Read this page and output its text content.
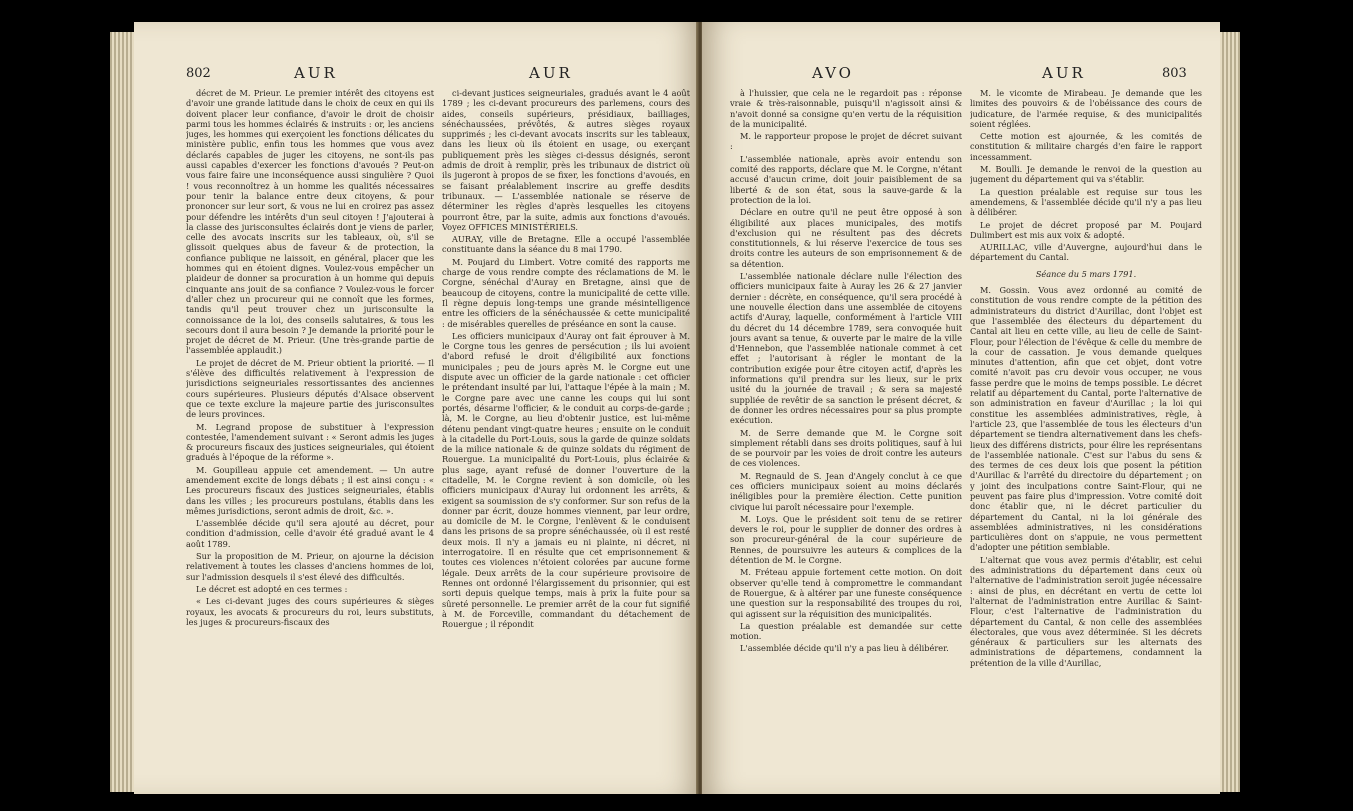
802	AUR	AUR

décret de M. Prieur. Le premier intérêt des citoyens est d'avoir une grande latitude dans le choix de ceux en qui ils doivent placer leur confiance, d'avoir le droit de choisir parmi tous les hommes éclairés & instruits : or, les anciens juges, les hommes qui exerçoient les fonctions délicates du ministère public, enfin tous les hommes que vous avez déclarés capables de juger les citoyens, ne sont-ils pas aussi capables d'exercer les fonctions d'avoués ? Peut-on vous faire faire une inconséquence aussi singulière ? Quoi ! vous reconnoîtrez à un homme les qualités nécessaires pour tenir la balance entre deux citoyens, & pour prononcer sur leur sort, & vous ne lui en croirez pas assez pour défendre les intérêts d'un seul citoyen ! J'ajouterai à la classe des jurisconsultes éclairés dont je viens de parler, celle des avocats inscrits sur les tableaux, où, s'il se glissoit quelques abus de faveur & de protection, la confiance publique ne laissoit, en général, placer que les hommes qui en étoient dignes. Voulez-vous empêcher un plaideur de donner sa procuration à un homme qui depuis cinquante ans jouit de sa confiance ? Voulez-vous le forcer d'aller chez un procureur qui ne connoît que les formes, tandis qu'il peut trouver chez un jurisconsulte la connoissance de la loi, des conseils salutaires, & tous les secours dont il aura besoin ? Je demande la priorité pour le projet de décret de M. Prieur. (Une très-grande partie de l'assemblée applaudit.)

Le projet de décret de M. Prieur obtient la priorité. — Il s'élève des difficultés relativement à l'expression de jurisdictions seigneuriales ressortissantes des anciennes cours supérieures. Plusieurs députés d'Alsace observent que ce texte exclure la majeure partie des jurisconsultes de leurs provinces.

M. Legrand propose de substituer à l'expression contestée, l'amendement suivant : « Seront admis les juges & procureurs fiscaux des justices seigneuriales, qui étoient gradués à l'époque de la réforme ».

M. Goupilleau appuie cet amendement. — Un autre amendement excite de longs débats ; il est ainsi conçu : « Les procureurs fiscaux des justices seigneuriales, établis dans les villes ; les procureurs postulans, établis dans les mêmes jurisdictions, seront admis de droit, &c. ».

L'assemblée décide qu'il sera ajouté au décret, pour condition d'admission, celle d'avoir été gradué avant le 4 août 1789.

Sur la proposition de M. Prieur, on ajourne la décision relativement à toutes les classes d'anciens hommes de loi, sur l'admission desquels il s'est élevé des difficultés.

Le décret est adopté en ces termes :

« Les ci-devant juges des cours supérieures & sièges royaux, les avocats & procureurs du roi, leurs substituts, les juges & procureurs-fiscaux des

ci-devant justices seigneuriales, gradués avant le 4 août 1789 ; les ci-devant procureurs des parlemens, cours des aides, conseils supérieurs, présidiaux, bailliages, sénéchaussées, prévôtés, & autres sièges royaux supprimés ; les ci-devant avocats inscrits sur les tableaux, dans les lieux où ils étoient en usage, ou exerçant publiquement près les sièges ci-dessus désignés, seront admis de droit à remplir, près les tribunaux de district où ils jugeront à propos de se fixer, les fonctions d'avoués, en se faisant préalablement inscrire au greffe desdits tribunaux. — L'assemblée nationale se réserve de déterminer les règles d'après lesquelles les citoyens pourront être, par la suite, admis aux fonctions d'avoués. Voyez OFFICES MINISTÉRIELS.

AURAY, ville de Bretagne. Elle a occupé l'assemblée constituante dans la séance du 8 mai 1790.

M. Poujard du Limbert. Votre comité des rapports me charge de vous rendre compte des réclamations de M. le Corgne, sénéchal d'Auray en Bretagne, ainsi que de beaucoup de citoyens, contre la municipalité de cette ville. Il règne depuis long-temps une grande mésintelligence entre les officiers de la sénéchaussée & cette municipalité : de misérables querelles de préséance en sont la cause.

Les officiers municipaux d'Auray ont fait éprouver à M. le Corgne tous les genres de persécution ; ils lui avoient d'abord refusé le droit d'éligibilité aux fonctions municipales ; peu de jours après M. le Corgne eut une dispute avec un officier de la garde nationale : cet officier le prétendant insulté par lui, l'attaque l'épée à la main ; M. le Corgne pare avec une canne les coups qui lui sont portés, désarme l'officier, & le conduit au corps-de-garde ; là, M. le Corgne, au lieu d'obtenir justice, est lui-même détenu pendant vingt-quatre heures ; ensuite on le conduit à la citadelle du Port-Louis, sous la garde de quinze soldats de la milice nationale & de quinze soldats du régiment de Rouergue. La municipalité du Port-Louis, plus éclairée & plus sage, ayant refusé de donner l'ouverture de la citadelle, M. le Corgne revient à son domicile, où les officiers municipaux d'Auray lui ordonnent les arrêts, & exigent sa soumission de s'y conformer. Sur son refus de la donner par écrit, douze hommes viennent, par leur ordre, au domicile de M. le Corgne, l'enlèvent & le conduisent dans les prisons de sa propre sénéchaussée, où il est resté deux mois. Il n'y a jamais eu ni plainte, ni décret, ni interrogatoire. Il en résulte que cet emprisonnement & toutes ces violences n'étoient colorées par aucune forme légale. Deux arrêts de la cour supérieure provisoire de Rennes ont ordonné l'élargissement du prisonnier, qui est sorti depuis quelque temps, mais à prix la fuite pour sa sûreté personnelle. Le premier arrêt de la cour fut signifié à M. de Forceville, commandant du détachement de Rouergue ; il répondit

AVO	AUR	803

à l'huissier, que cela ne le regardoit pas : réponse vraie & très-raisonnable, puisqu'il n'agissoit ainsi & n'avoit donné sa consigne qu'en vertu de la réquisition de la municipalité.

M. le rapporteur propose le projet de décret suivant :

L'assemblée nationale, après avoir entendu son comité des rapports, déclare que M. le Corgne, n'étant accusé d'aucun crime, doit jouir paisiblement de sa liberté & de son état, sous la sauve-garde & la protection de la loi.

Déclare en outre qu'il ne peut être opposé à son éligibilité aux places municipales, des motifs d'exclusion qui ne résultent pas des décrets constitutionnels, & lui réserve l'exercice de tous ses droits contre les auteurs de son emprisonnement & de sa détention.

L'assemblée nationale déclare nulle l'élection des officiers municipaux faite à Auray les 26 & 27 janvier dernier : décrète, en conséquence, qu'il sera procédé à une nouvelle élection dans une assemblée de citoyens actifs d'Auray, laquelle, conformément à l'article VIII du décret du 14 décembre 1789, sera convoquée huit jours avant sa tenue, & ouverte par le maire de la ville d'Hennebon, que l'assemblée nationale commet à cet effet ; l'autorisant à régler le montant de la contribution exigée pour être citoyen actif, d'après les informations qu'il prendra sur les lieux, sur le prix usité du la journée de travail ; & sera sa majesté suppliée de revêtir de sa sanction le présent décret, & de donner les ordres nécessaires pour sa plus prompte exécution.

M. de Serre demande que M. le Corgne soit simplement rétabli dans ses droits politiques, sauf à lui de se pourvoir par les voies de droit contre les auteurs de ces violences.

M. Regnauld de S. Jean d'Angely conclut à ce que ces officiers municipaux soient au moins déclarés inéligibles pour la première élection. Cette punition civique lui paroît nécessaire pour l'exemple.

M. Loys. Que le président soit tenu de se retirer devers le roi, pour le supplier de donner des ordres à son procureur-général de la cour supérieure de Rennes, de poursuivre les auteurs & complices de la détention de M. le Corgne.

M. Fréteau appuie fortement cette motion. On doit observer qu'elle tend à compromettre le commandant de Rouergue, & à altérer par une funeste conséquence une question sur la responsabilité des troupes du roi, qui agissent sur la réquisition des municipalités.

La question préalable est demandée sur cette motion.

L'assemblée décide qu'il n'y a pas lieu à délibérer.

M. le vicomte de Mirabeau. Je demande que les limites des pouvoirs & de l'obéissance des cours de judicature, de l'armée requise, & des municipalités soient réglées.

Cette motion est ajournée, & les comités de constitution & militaire chargés d'en faire le rapport incessamment.

M. Boulli. Je demande le renvoi de la question au jugement du département qui va s'établir.

La question préalable est requise sur tous les amendemens, & l'assemblée décide qu'il n'y a pas lieu à délibérer.

Le projet de décret proposé par M. Poujard Dulimbert est mis aux voix & adopté.

AURILLAC, ville d'Auvergne, aujourd'hui dans le département du Cantal.

Séance du 5 mars 1791.

M. Gossin. Vous avez ordonné au comité de constitution de vous rendre compte de la pétition des administrateurs du district d'Aurillac, dont l'objet est que l'assemblée des électeurs du département du Cantal ait lieu en cette ville, au lieu de celle de Saint-Flour, pour l'élection de l'évêque & celle du membre de la cour de cassation. Je vous demande quelques minutes d'attention, afin que cet objet, dont votre comité n'avoit pas cru devoir vous occuper, ne vous fasse perdre que le moins de temps possible. Le décret relatif au département du Cantal, porte l'alternative de son administration en faveur d'Aurillac ; la loi qui constitue les assemblées administratives, règle, à l'article 23, que l'assemblée de tous les électeurs d'un département se tiendra alternativement dans les chefs-lieux des différens districts, pour élire les représentans de l'assemblée nationale. C'est sur l'abus du sens & des termes de ces deux lois que posent la pétition d'Aurillac & l'arrêté du directoire du département ; on y joint des inculpations contre Saint-Flour, qui ne peuvent pas faire plus d'impression. Votre comité doit donc établir que, ni le décret particulier du département du Cantal, ni la loi générale des assemblées administratives, ni les considérations particulières dont on s'appuie, ne vous permettent d'adopter une pétition semblable.

L'alternat que vous avez permis d'établir, est celui des administrations du département dans ceux où l'alternative de l'administration seroit jugée nécessaire : ainsi de plus, en décrétant en vertu de cette loi l'alternat de l'administration entre Aurillac & Saint-Flour, c'est l'alternative de l'administration du département du Cantal, & non celle des assemblées électorales, que vous avez déterminée. Si les décrets généraux & particuliers sur les alternats des administrations de départemens, condamnent la prétention de la ville d'Aurillac,
